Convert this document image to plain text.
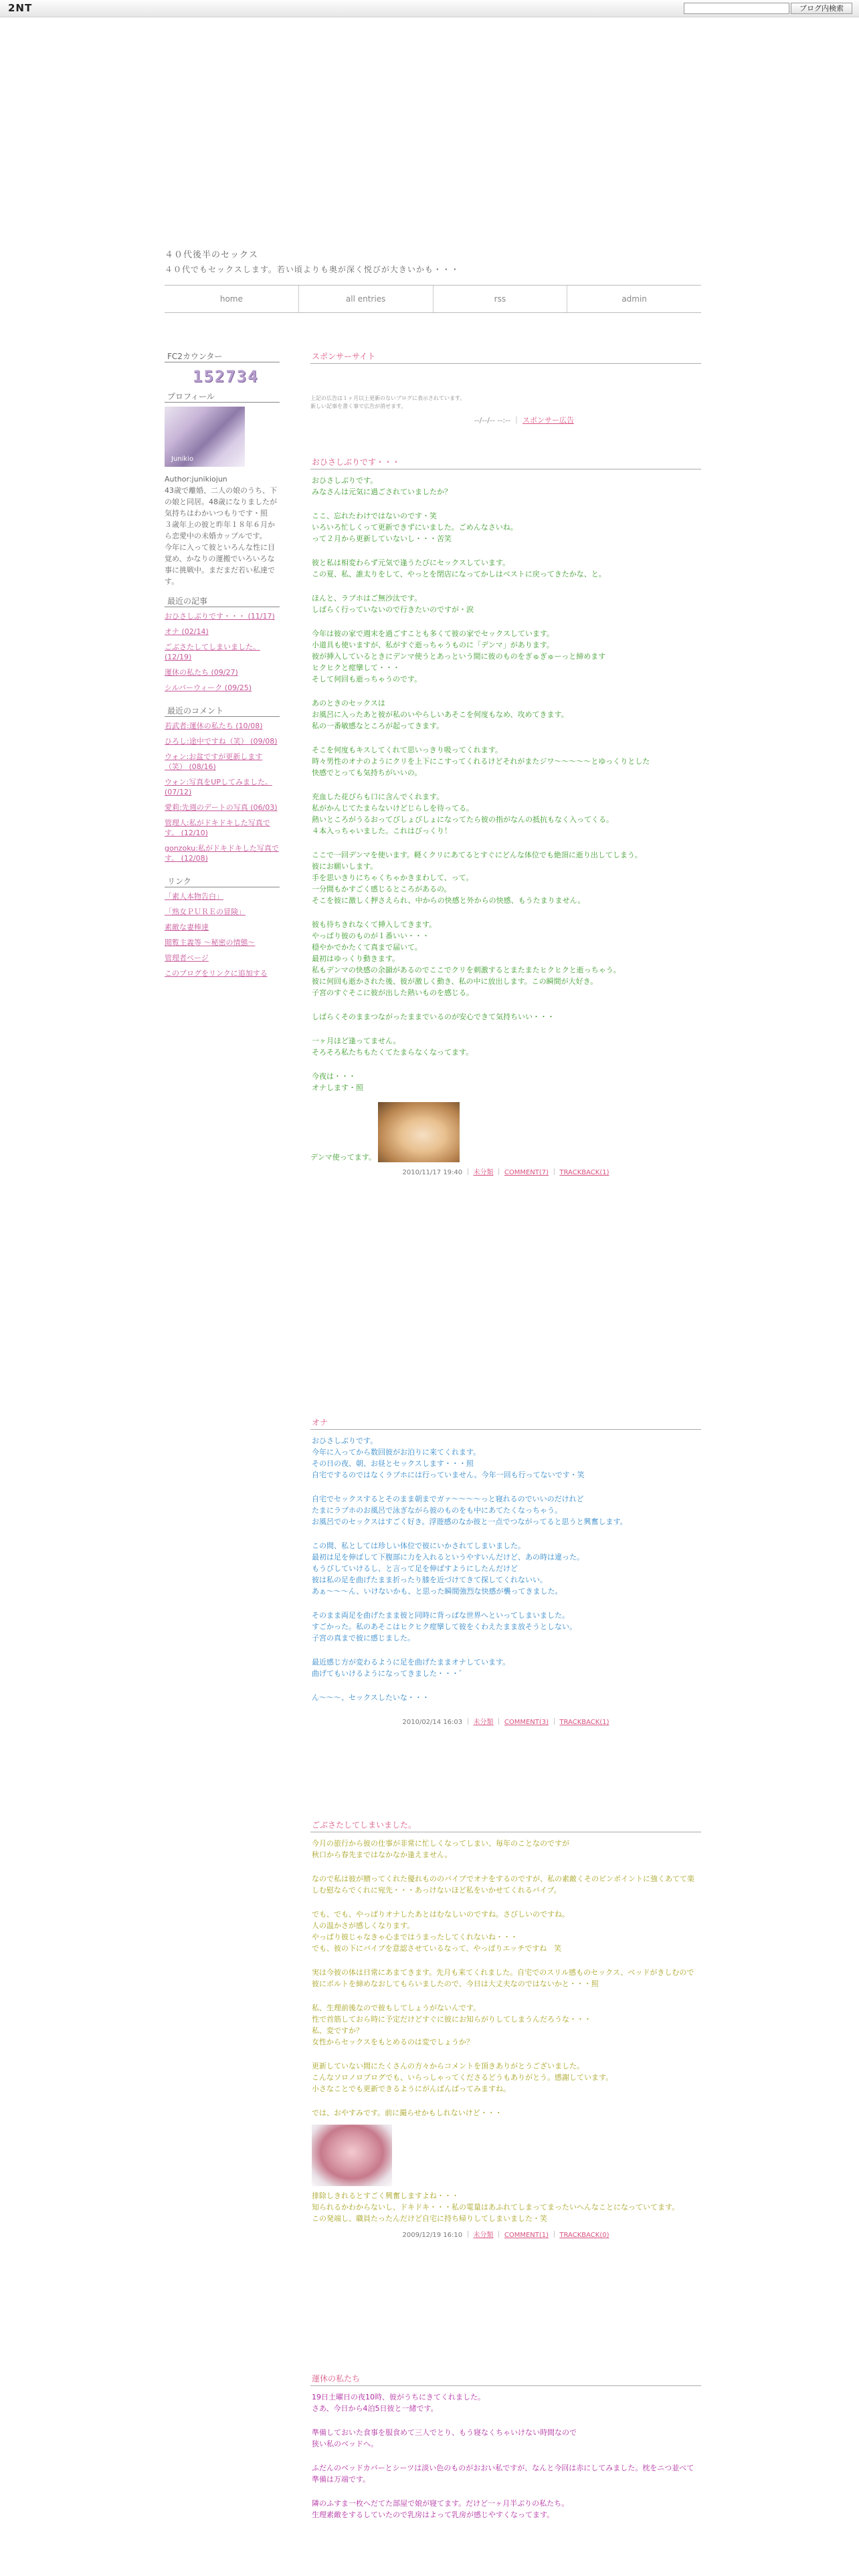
2NT	ブログ内検索
４０代後半のセックス
４０代でもセックスします。若い頃よりも奥が深く悦びが大きいかも・・・
home	all entries	rss	admin
FC2カウンター
152734
プロフィール
Junikio
Author:junikiojun
43歳で離婚、二人の娘のうち、下の娘と同居。48歳になりましたが気持ちはわかいつもりです・照
３歳年上の彼と昨年１８年６月から恋愛中の未婚カップルです。
今年に入って彼といろんな性に目覚め、かなりの運搬でいろいろな事に挑戦中。まだまだ若い私達です。
最近の記事
おひさしぶりです・・・ (11/17)
オナ (02/14)
ごぶさたしてしまいました。 (12/19)
運休の私たち (09/27)
シルバーウィーク (09/25)
最近のコメント
若武者:運休の私たち (10/08)
ひろし:途中ですね（笑） (09/08)
ウォン:お盆ですが更新します（笑） (08/16)
ウォン:写真をUPしてみました。 (07/12)
愛莉:先週のデートの写真 (06/03)
管理人:私がドキドキした写真です。 (12/10)
gonzoku:私がドキドキした写真です。 (12/08)
リンク
「素人本物告白」
「熟女ＰＵＲＥの冒険」
素敵な妻棒達
閲覧主義等 ～秘密の情態～
管理者ページ
このブログをリンクに追加する
スポンサーサイト
上記の広告は１ヶ月以上更新のないブログに表示されています。
新しい記事を書く事で広告が消せます。
--/--/-- --:-- ｜ スポンサー広告
おひさしぶりです・・・

おひさしぶりです。
みなさんは元気に過ごされていましたか？

ここ、忘れたわけではないのです・笑
いろいろ忙しくって更新できずにいました。ごめんなさいね。
って２月から更新していないし・・・苦笑

彼と私は相変わらず元気で逢うたびにセックスしています。
この夏、私、誰太りをして、やっとを閉店になってかしはベストに戻ってきたかな、と。

ほんと、ラブホはご無沙汰です。
しばらく行っていないので行きたいのですが・涙

今年は彼の家で週末を過ごすことも多くて彼の家でセックスしています。
小道具も使いますが、私がすぐ逝っちゃうものに「デンマ」があります。
彼が挿入しているときにデンマ使うとあっという間に彼のものをぎゅぎゅーっと締めます
ヒクヒクと痙攣して・・・
そして何回も逝っちゃうのです。

あのときのセックスは
お風呂に入ったあと彼が私のいやらしいあそこを何度もなめ、攻めてきます。
私の一番敏感なところが起ってきます。

そこを何度もキスしてくれて思いっきり吸ってくれます。
時々男性のオナのようにクリを上下にこすってくれるけどそれがまたジワ～～～～～とゆっくりとした
快感でとっても気持ちがいいの。

充血した花びらも口に含んでくれます。
私がかんじてたまらないけどじらしを待ってる。
熱いところがうるおってびしょびしょになってたら彼の指がなんの抵抗もなく入ってくる。
４本入っちゃいました。これはびっくり！

ここで一回デンマを使います。軽くクリにあてるとすぐにどんな体位でも絶頂に逝り出してしまう。
彼にお願いします。
手を思いきりにちゃくちゃかきまわして、って。
一分間もかすごく感じるところがあるの。
そこを彼に激しく押さえられ、中からの快感と外からの快感、もうたまりません。

彼も待ちきれなくて挿入してきます。
やっぱり彼のものが１番いい・・・
穏やかでかたくて真まで届いて。
最初はゆっくり動きます。
私もデンマの快感の余韻があるのでここでクリを刺激するとまたまたヒクヒクと逝っちゃう。
彼に何回も逝かされた後、彼が激しく動き、私の中に放出します。この瞬間が大好き。
子宮のすぐそこに彼が出した熱いものを感じる。

しばらくそのままつながったままでいるのが安心できて気持ちいい・・・

一ヶ月ほど逢ってません。
そろそろ私たちもたくてたまらなくなってます。

今夜は・・・
オナします・照

デンマ使ってます。
2010/11/17 19:40 ｜ 未分類 ｜ COMMENT(7) ｜ TRACKBACK(1)
オナ

おひさしぶりです。
今年に入ってから数回彼がお泊りに来てくれます。
その日の夜、朝、お昼とセックスします・・・照
自宅でするのではなくラブホには行っていません。今年一回も行ってないです・笑

自宅でセックスするとそのまま朝までガァ～～～～っと寝れるのでいいのだけれど
たまにラブホのお風呂で泳ぎながら彼のものをも中にあてたくなっちゃう。
お風呂でのセックスはすごく好き。浮遊感のなか彼と一点でつながってると思うと興奮します。

この間、私としては珍しい体位で彼にいかされてしまいました。
最初は足を伸ばして下腹部に力を入れるというやすいんだけど、あの時は違った。
もうびしていけるし、と言って足を伸ばすようにしたんだけど
彼は私の足を曲げたまま折ったり膝を近づけてきて探してくれないい。
あぁ～～～ん、いけないかも、と思った瞬間強烈な快感が襲ってきました。

そのまま両足を曲げたまま彼と同時に背っぱな世界へといってしまいました。
すごかった。私のあそこはヒクヒク痙攣して彼をくわえたまま放そうとしない。
子宮の真まで彼に感じました。

最近感じ方が変わるように足を曲げたままオナしています。
曲げてもいけるようになってきました・・・゛

ん～～～、セックスしたいな・・・

2010/02/14 16:03 ｜ 未分類 ｜ COMMENT(3) ｜ TRACKBACK(1)
ごぶさたしてしまいました。

今月の旅行から彼の仕事が非常に忙しくなってしまい、毎年のことなのですが
秋口から春先まではなかなか逢えません。

なので私は彼が贈ってくれた優れもののバイブでオナをするのですが、私の素敵くそのピンポイントに強くあてて楽しむ慰ならでくれに宛先・・・あっけないほど私をいかせてくれるバイブ。

でも、でも、やっぱりオナしたあとはむなしいのですね。さびしいのですね。
人の温かさが感しくなります。
やっぱり彼じゃなきゃ心まではうまったしてくれないね・・・
でも、彼の下にバイブを意認させているなって、やっぱりエッチですね　笑

実は今彼の体は日常にあまてきます。先月も来てくれました。自宅でのスリル感ものセックス、ベッドがきしむので彼にボルトを締めなおしてもらいましたので、今日は大丈夫なのではないかと・・・照

私、生理前後なので彼もしてしょうがないんです。
性で首筋しておら時に予定だけどすぐに彼にお知らがりしてしまうんだろうな・・・
私、変ですか？
女性からセックスをもとめるのは変でしょうか？

更新していない間にたくさんの方々からコメントを頂きありがとうございました。
こんなソロノロブログでも、いらっしゃってくださるどうもありがとう。感謝しています。
小さなことでも更新できるようにがんばんばってみますね。

では、おやすみです。前に撮らせかもしれないけど・・・

排除しきれるとすごく興奮しますよね・・・
知られるかわからないし、ドキドキ・・・私の電量はあふれてしまってまったいへんなことになっていてます。
この発端し、職員たったんだけど自宅に持ち帰りしてしまいました・笑

2009/12/19 16:10 ｜ 未分類 ｜ COMMENT(1) ｜ TRACKBACK(0)
運休の私たち

19日土曜日の夜10時、彼がうちにきてくれました。
さあ、今日から4泊5日彼と一緒です。

準備しておいた食事を服食めて三人でとり、もう寝なくちゃいけない時間なので
狭い私のベッドへ。

ふだんのベッドカバーとシーツは淡い色のものがおおい私ですが、なんと今回は赤にしてみました。枕をニつ並べて準備は万端です。

隣のふすま一枚へだてた部屋で娘が寝てます。だけど一ヶ月半ぶりの私たち。
生理素敵をするしていたので乳房はよって乳房が感じやすくなってます。
